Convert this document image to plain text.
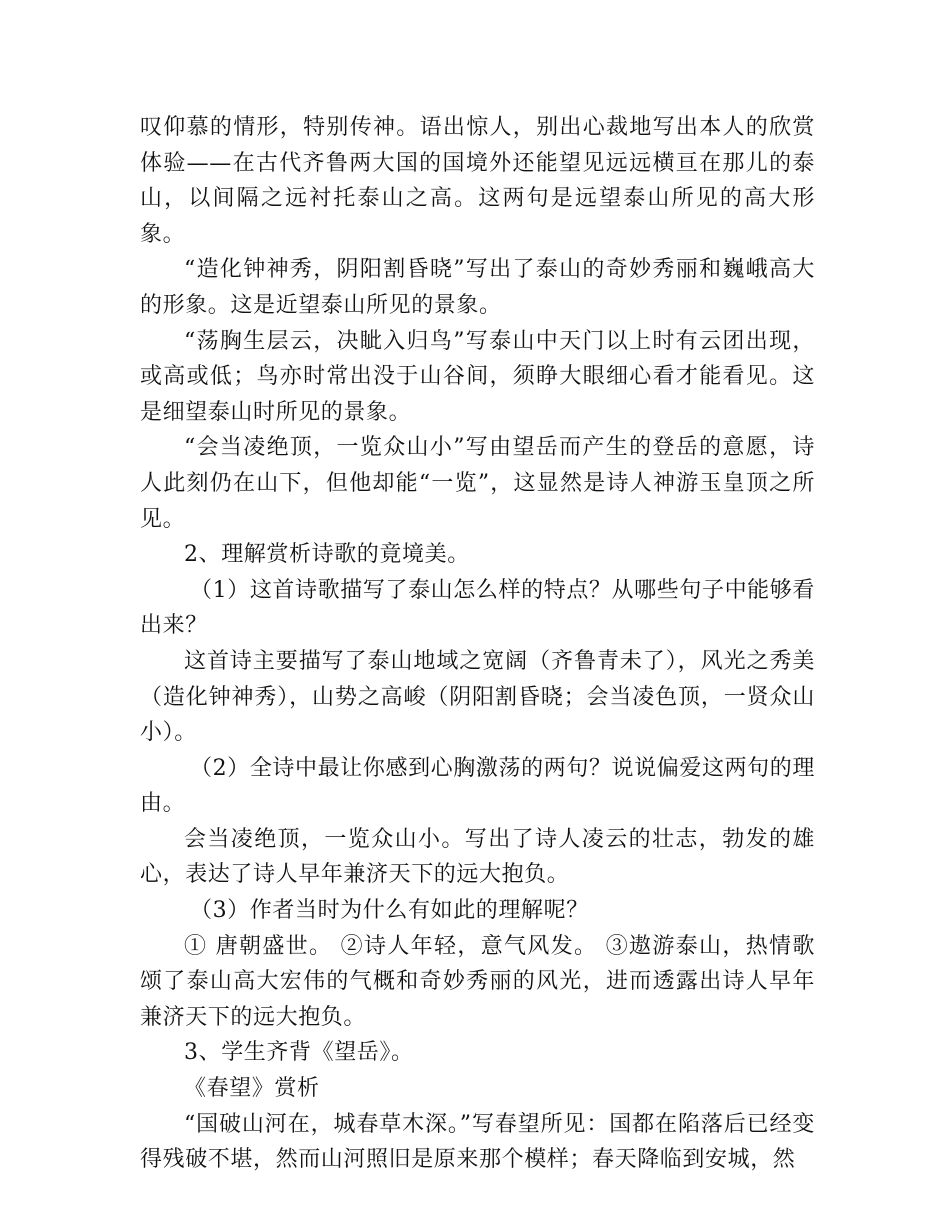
叹仰慕的情形，特别传神。语出惊人，别出心裁地写出本人的欣赏体验——在古代齐鲁两大国的国境外还能望见远远横亘在那儿的泰山，以间隔之远衬托泰山之高。这两句是远望泰山所见的高大形象。

“造化钟神秀，阴阳割昏晓”写出了泰山的奇妙秀丽和巍峨高大的形象。这是近望泰山所见的景象。

“荡胸生层云，决眦入归鸟”写泰山中天门以上时有云团出现，或高或低；鸟亦时常出没于山谷间，须睁大眼细心看才能看见。这是细望泰山时所见的景象。

“会当凌绝顶，一览众山小”写由望岳而产生的登岳的意愿，诗人此刻仍在山下，但他却能“一览”，这显然是诗人神游玉皇顶之所见。

2、理解赏析诗歌的竟境美。

（1）这首诗歌描写了泰山怎么样的特点？从哪些句子中能够看出来？

这首诗主要描写了泰山地域之宽阔（齐鲁青未了），风光之秀美（造化钟神秀），山势之高峻（阴阳割昏晓；会当凌色顶，一贤众山小）。

（2）全诗中最让你感到心胸激荡的两句？说说偏爱这两句的理由。

会当凌绝顶，一览众山小。写出了诗人凌云的壮志，勃发的雄心，表达了诗人早年兼济天下的远大抱负。

（3）作者当时为什么有如此的理解呢？

① 唐朝盛世。 ②诗人年轻，意气风发。 ③遨游泰山，热情歌颂了泰山高大宏伟的气概和奇妙秀丽的风光，进而透露出诗人早年兼济天下的远大抱负。

3、学生齐背《望岳》。

《春望》赏析

“国破山河在，城春草木深。”写春望所见：国都在陷落后已经变得残破不堪，然而山河照旧是原来那个模样；春天降临到安城，然
